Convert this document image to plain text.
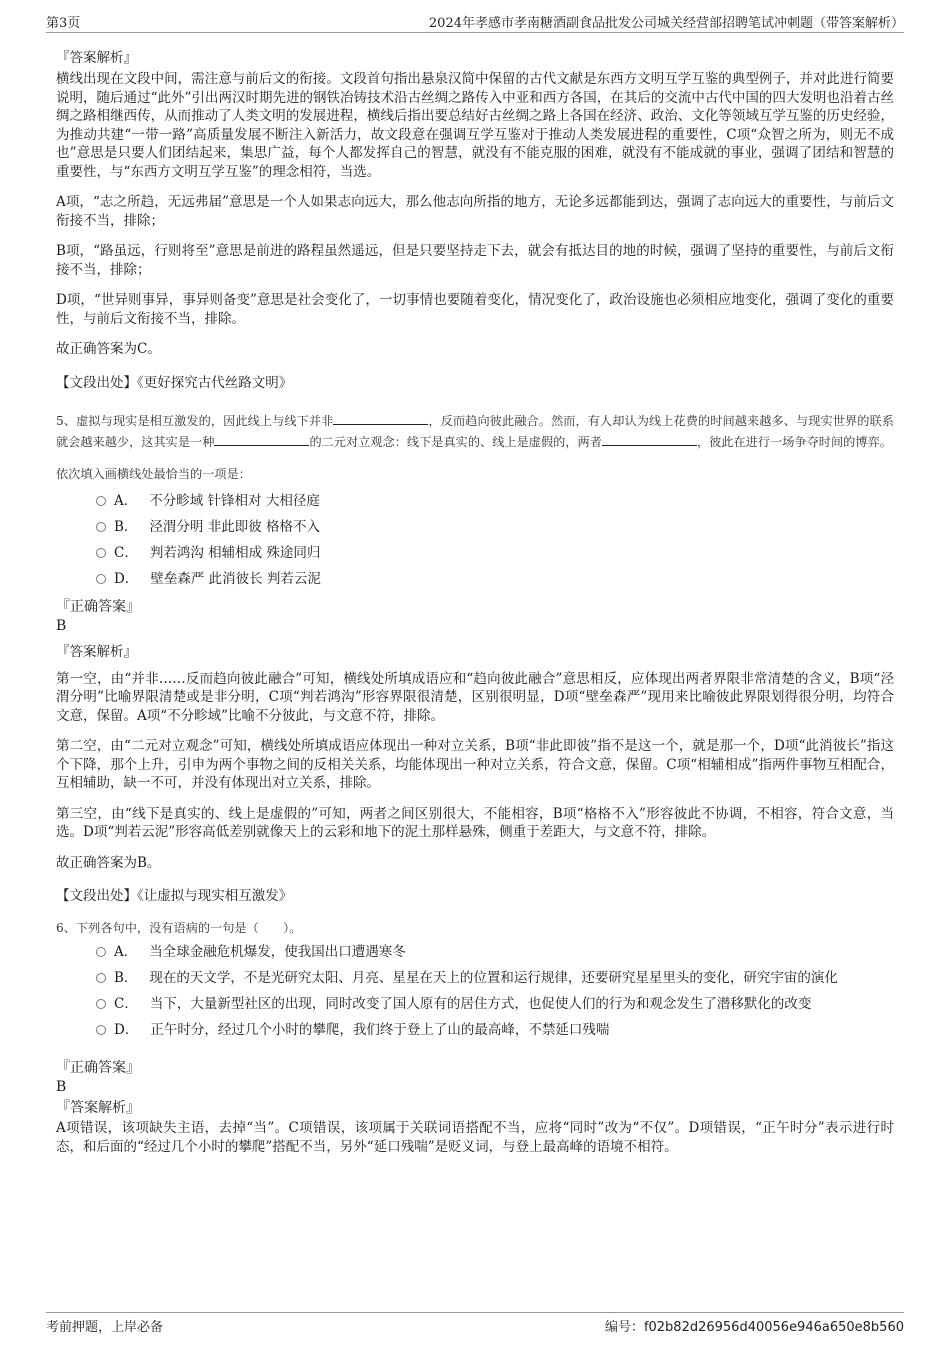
第3页	2024年孝感市孝南糖酒副食品批发公司城关经营部招聘笔试冲刺题（带答案解析）
『答案解析』

横线出现在文段中间，需注意与前后文的衔接。文段首句指出悬泉汉简中保留的古代文献是东西方文明互学互鉴的典型例子，并对此进行简要说明，随后通过“此外”引出两汉时期先进的钢铁冶铸技术沿古丝绸之路传入中亚和西方各国，在其后的交流中古代中国的四大发明也沿着古丝绸之路相继西传，从而推动了人类文明的发展进程，横线后指出要总结好古丝绸之路上各国在经济、政治、文化等领域互学互鉴的历史经验，为推动共建“一带一路”高质量发展不断注入新活力，故文段意在强调互学互鉴对于推动人类发展进程的重要性，C项“众智之所为，则无不成也”意思是只要人们团结起来，集思广益，每个人都发挥自己的智慧，就没有不能克服的困难，就没有不能成就的事业，强调了团结和智慧的重要性，与“东西方文明互学互鉴”的理念相符，当选。

A项，“志之所趋，无远弗届”意思是一个人如果志向远大，那么他志向所指的地方，无论多远都能到达，强调了志向远大的重要性，与前后文衔接不当，排除；

B项，“路虽远，行则将至”意思是前进的路程虽然遥远，但是只要坚持走下去，就会有抵达目的地的时候，强调了坚持的重要性，与前后文衔接不当，排除；

D项，“世异则事异，事异则备变”意思是社会变化了，一切事情也要随着变化，情况变化了，政治设施也必须相应地变化，强调了变化的重要性，与前后文衔接不当，排除。

故正确答案为C。

【文段出处】《更好探究古代丝路文明》

5、虚拟与现实是相互激发的，因此线上与线下并非	，反而趋向彼此融合。然而，有人却认为线上花费的时间越来越多、与现实世界的联系就会越来越少，这其实是一种	的二元对立观念：线下是真实的、线上是虚假的，两者	，彼此在进行一场争夺时间的博弈。

依次填入画横线处最恰当的一项是：
A． 不分畛域 针锋相对 大相径庭
B． 泾渭分明 非此即彼 格格不入
C． 判若鸿沟 相辅相成 殊途同归
D． 壁垒森严 此消彼长 判若云泥
『正确答案』
B
『答案解析』

第一空，由“并非……反而趋向彼此融合”可知，横线处所填成语应和“趋向彼此融合”意思相反，应体现出两者界限非常清楚的含义，B项“泾渭分明”比喻界限清楚或是非分明，C项“判若鸿沟”形容界限很清楚，区别很明显，D项“壁垒森严”现用来比喻彼此界限划得很分明，均符合文意，保留。A项“不分畛域”比喻不分彼此，与文意不符，排除。

第二空，由“二元对立观念”可知，横线处所填成语应体现出一种对立关系，B项“非此即彼”指不是这一个，就是那一个，D项“此消彼长”指这个下降，那个上升，引申为两个事物之间的反相关关系，均能体现出一种对立关系，符合文意，保留。C项“相辅相成”指两件事物互相配合，互相辅助，缺一不可，并没有体现出对立关系，排除。

第三空，由“线下是真实的、线上是虚假的”可知，两者之间区别很大，不能相容，B项“格格不入”形容彼此不协调，不相容，符合文意，当选。D项“判若云泥”形容高低差别就像天上的云彩和地下的泥土那样悬殊，侧重于差距大，与文意不符，排除。

故正确答案为B。

【文段出处】《让虚拟与现实相互激发》

6、下列各句中，没有语病的一句是（　　）。

A． 当全球金融危机爆发，使我国出口遭遇寒冬
B． 现在的天文学，不是光研究太阳、月亮、星星在天上的位置和运行规律，还要研究星星里头的变化，研究宇宙的演化
C． 当下，大量新型社区的出现，同时改变了国人原有的居住方式，也促使人们的行为和观念发生了潜移默化的改变
D． 正午时分，经过几个小时的攀爬，我们终于登上了山的最高峰，不禁延口残喘
『正确答案』
B
『答案解析』

A项错误，该项缺失主语，去掉“当”。C项错误，该项属于关联词语搭配不当，应将“同时”改为“不仅”。D项错误，“正午时分”表示进行时态，和后面的“经过几个小时的攀爬”搭配不当，另外“延口残喘”是贬义词，与登上最高峰的语境不相符。

考前押题，上岸必备	编号：f02b82d26956d40056e946a650e8b560
